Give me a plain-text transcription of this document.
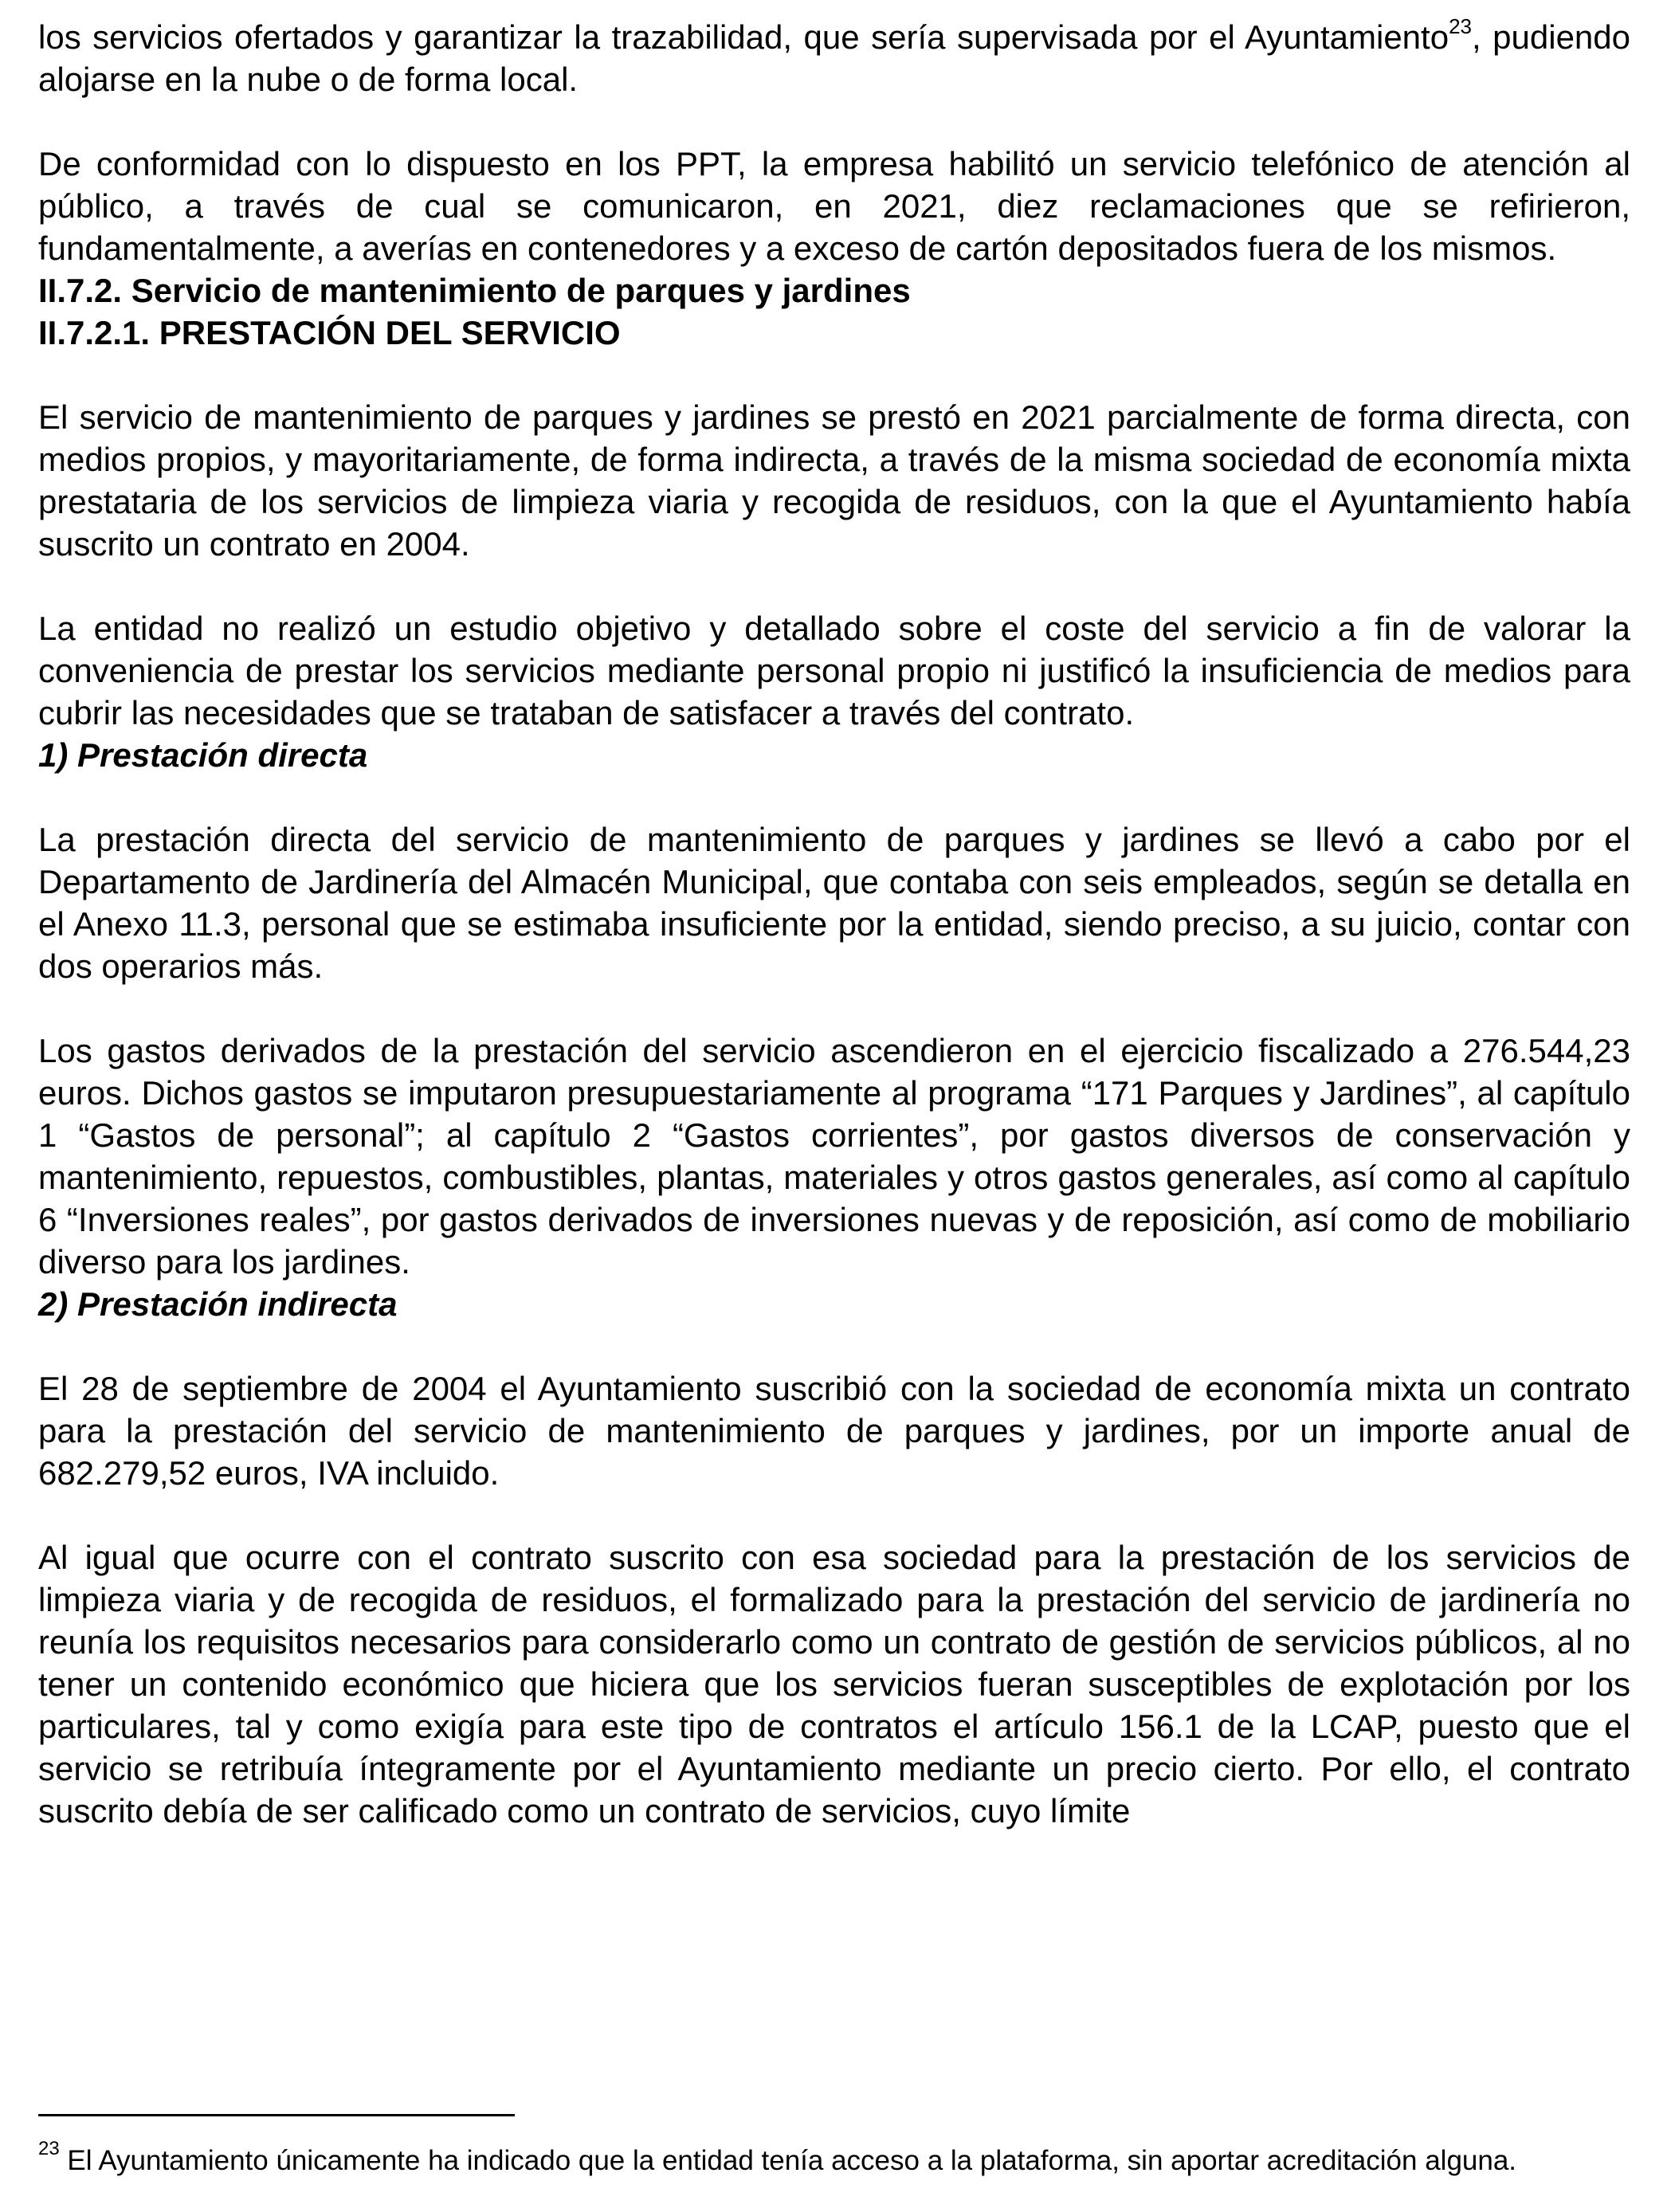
los servicios ofertados y garantizar la trazabilidad, que sería supervisada por el Ayuntamiento$^{23}$, pudiendo alojarse en la nube o de forma local.

De conformidad con lo dispuesto en los PPT, la empresa habilitó un servicio telefónico de atención al público, a través de cual se comunicaron, en 2021, diez reclamaciones que se refirieron, fundamentalmente, a averías en contenedores y a exceso de cartón depositados fuera de los mismos.

II.7.2. Servicio de mantenimiento de parques y jardines
II.7.2.1. PRESTACIÓN DEL SERVICIO

El servicio de mantenimiento de parques y jardines se prestó en 2021 parcialmente de forma directa, con medios propios, y mayoritariamente, de forma indirecta, a través de la misma sociedad de economía mixta prestataria de los servicios de limpieza viaria y recogida de residuos, con la que el Ayuntamiento había suscrito un contrato en 2004.

La entidad no realizó un estudio objetivo y detallado sobre el coste del servicio a fin de valorar la conveniencia de prestar los servicios mediante personal propio ni justificó la insuficiencia de medios para cubrir las necesidades que se trataban de satisfacer a través del contrato.

1) Prestación directa

La prestación directa del servicio de mantenimiento de parques y jardines se llevó a cabo por el Departamento de Jardinería del Almacén Municipal, que contaba con seis empleados, según se detalla en el Anexo 11.3, personal que se estimaba insuficiente por la entidad, siendo preciso, a su juicio, contar con dos operarios más.

Los gastos derivados de la prestación del servicio ascendieron en el ejercicio fiscalizado a 276.544,23 euros. Dichos gastos se imputaron presupuestariamente al programa “171 Parques y Jardines”, al capítulo 1 “Gastos de personal”; al capítulo 2 “Gastos corrientes”, por gastos diversos de conservación y mantenimiento, repuestos, combustibles, plantas, materiales y otros gastos generales, así como al capítulo 6 “Inversiones reales”, por gastos derivados de inversiones nuevas y de reposición, así como de mobiliario diverso para los jardines.

2) Prestación indirecta

El 28 de septiembre de 2004 el Ayuntamiento suscribió con la sociedad de economía mixta un contrato para la prestación del servicio de mantenimiento de parques y jardines, por un importe anual de 682.279,52 euros, IVA incluido.

Al igual que ocurre con el contrato suscrito con esa sociedad para la prestación de los servicios de limpieza viaria y de recogida de residuos, el formalizado para la prestación del servicio de jardinería no reunía los requisitos necesarios para considerarlo como un contrato de gestión de servicios públicos, al no tener un contenido económico que hiciera que los servicios fueran susceptibles de explotación por los particulares, tal y como exigía para este tipo de contratos el artículo 156.1 de la LCAP, puesto que el servicio se retribuía íntegramente por el Ayuntamiento mediante un precio cierto. Por ello, el contrato suscrito debía de ser calificado como un contrato de servicios, cuyo límite

$^{23}$ El Ayuntamiento únicamente ha indicado que la entidad tenía acceso a la plataforma, sin aportar acreditación alguna.
